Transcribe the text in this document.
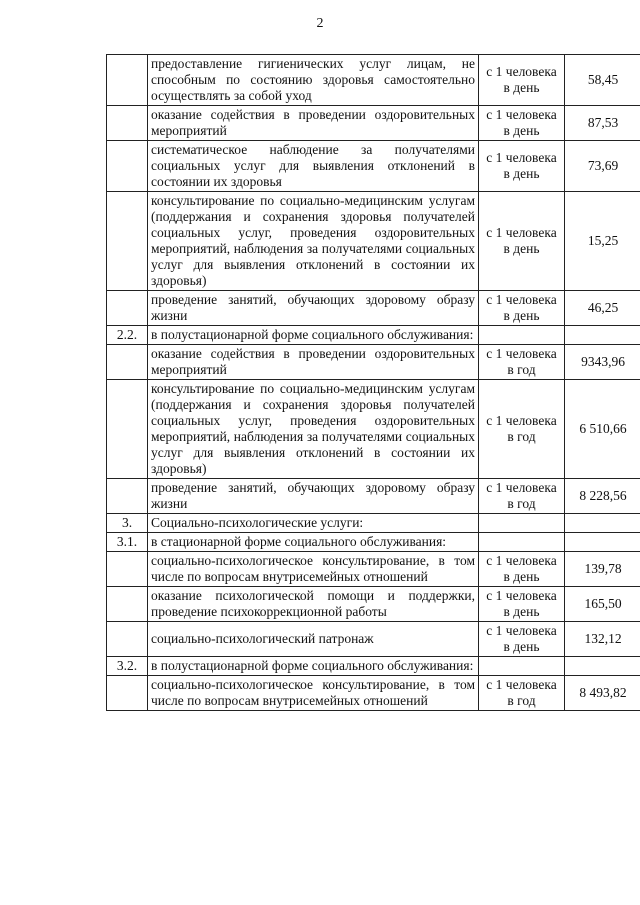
2
	предоставление гигиенических услуг лицам, не способным по состоянию здоровья самостоятельно осуществлять за собой уход	с 1 человека в день	58,45
	оказание содействия в проведении оздоровительных мероприятий	с 1 человека в день	87,53
	систематическое наблюдение за получателями социальных услуг для выявления отклонений в состоянии их здоровья	с 1 человека в день	73,69
	консультирование по социально-медицинским услугам (поддержания и сохранения здоровья получателей социальных услуг, проведения оздоровительных мероприятий, наблюдения за получателями социальных услуг для выявления отклонений в состоянии их здоровья)	с 1 человека в день	15,25
	проведение занятий, обучающих здоровому образу жизни	с 1 человека в день	46,25
2.2.	в полустационарной форме социального обслуживания:		
	оказание содействия в проведении оздоровительных мероприятий	с 1 человека в год	9343,96
	консультирование по социально-медицинским услугам (поддержания и сохранения здоровья получателей социальных услуг, проведения оздоровительных мероприятий, наблюдения за получателями социальных услуг для выявления отклонений в состоянии их здоровья)	с 1 человека в год	6 510,66
	проведение занятий, обучающих здоровому образу жизни	с 1 человека в год	8 228,56
3.	Социально-психологические услуги:		
3.1.	в стационарной форме социального обслуживания:		
	социально-психологическое консультирование, в том числе по вопросам внутрисемейных отношений	с 1 человека в день	139,78
	оказание психологической помощи и поддержки, проведение психокоррекционной работы	с 1 человека в день	165,50
	социально-психологический патронаж	с 1 человека в день	132,12
3.2.	в полустационарной форме социального обслуживания:		
	социально-психологическое консультирование, в том числе по вопросам внутрисемейных отношений	с 1 человека в год	8 493,82
